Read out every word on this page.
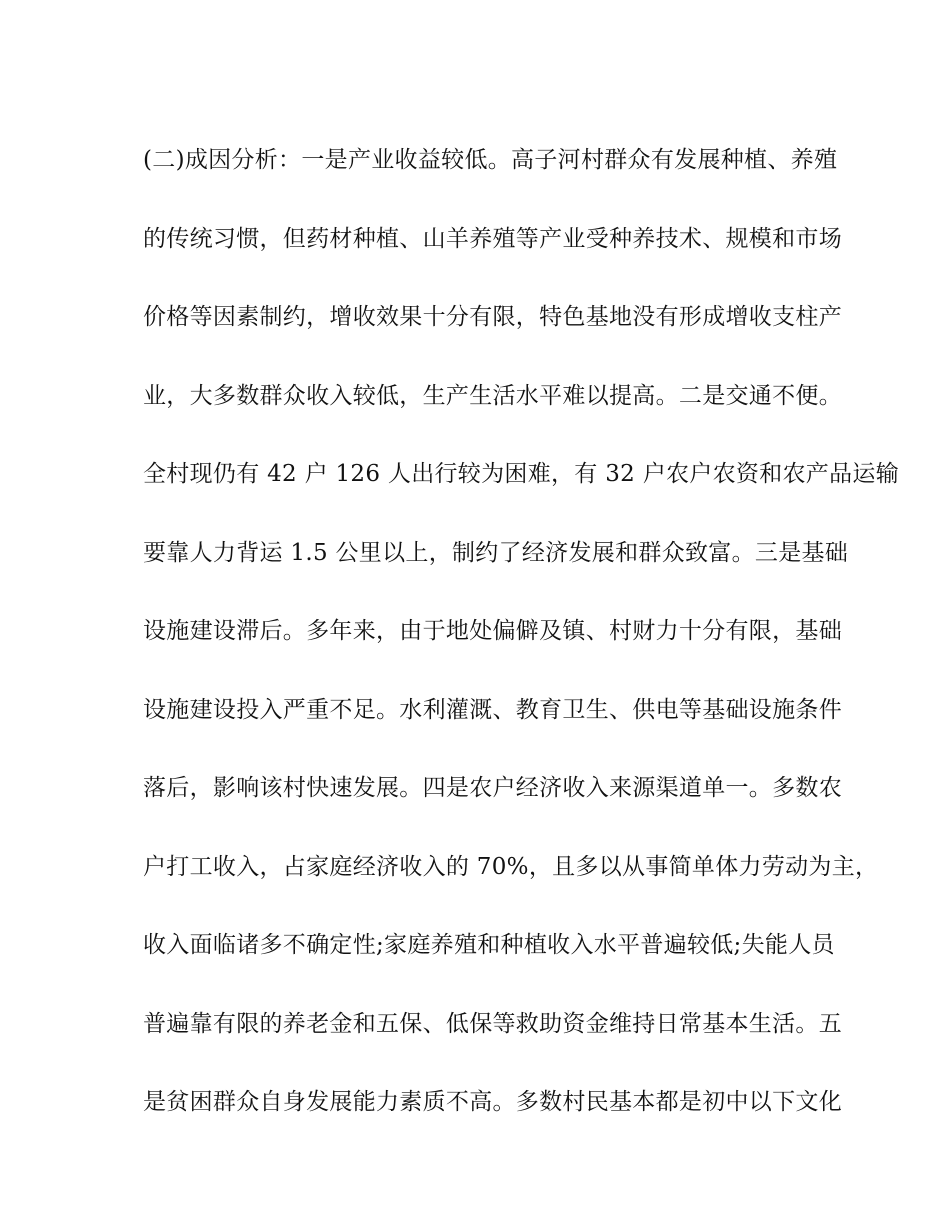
(二)成因分析：一是产业收益较低。高子河村群众有发展种植、养殖
的传统习惯，但药材种植、山羊养殖等产业受种养技术、规模和市场
价格等因素制约，增收效果十分有限，特色基地没有形成增收支柱产
业，大多数群众收入较低，生产生活水平难以提高。二是交通不便。
全村现仍有 42 户 126 人出行较为困难，有 32 户农户农资和农产品运输
要靠人力背运 1.5 公里以上，制约了经济发展和群众致富。三是基础
设施建设滞后。多年来，由于地处偏僻及镇、村财力十分有限，基础
设施建设投入严重不足。水利灌溉、教育卫生、供电等基础设施条件
落后，影响该村快速发展。四是农户经济收入来源渠道单一。多数农
户打工收入，占家庭经济收入的 70%，且多以从事简单体力劳动为主，
收入面临诸多不确定性;家庭养殖和种植收入水平普遍较低;失能人员
普遍靠有限的养老金和五保、低保等救助资金维持日常基本生活。五
是贫困群众自身发展能力素质不高。多数村民基本都是初中以下文化
